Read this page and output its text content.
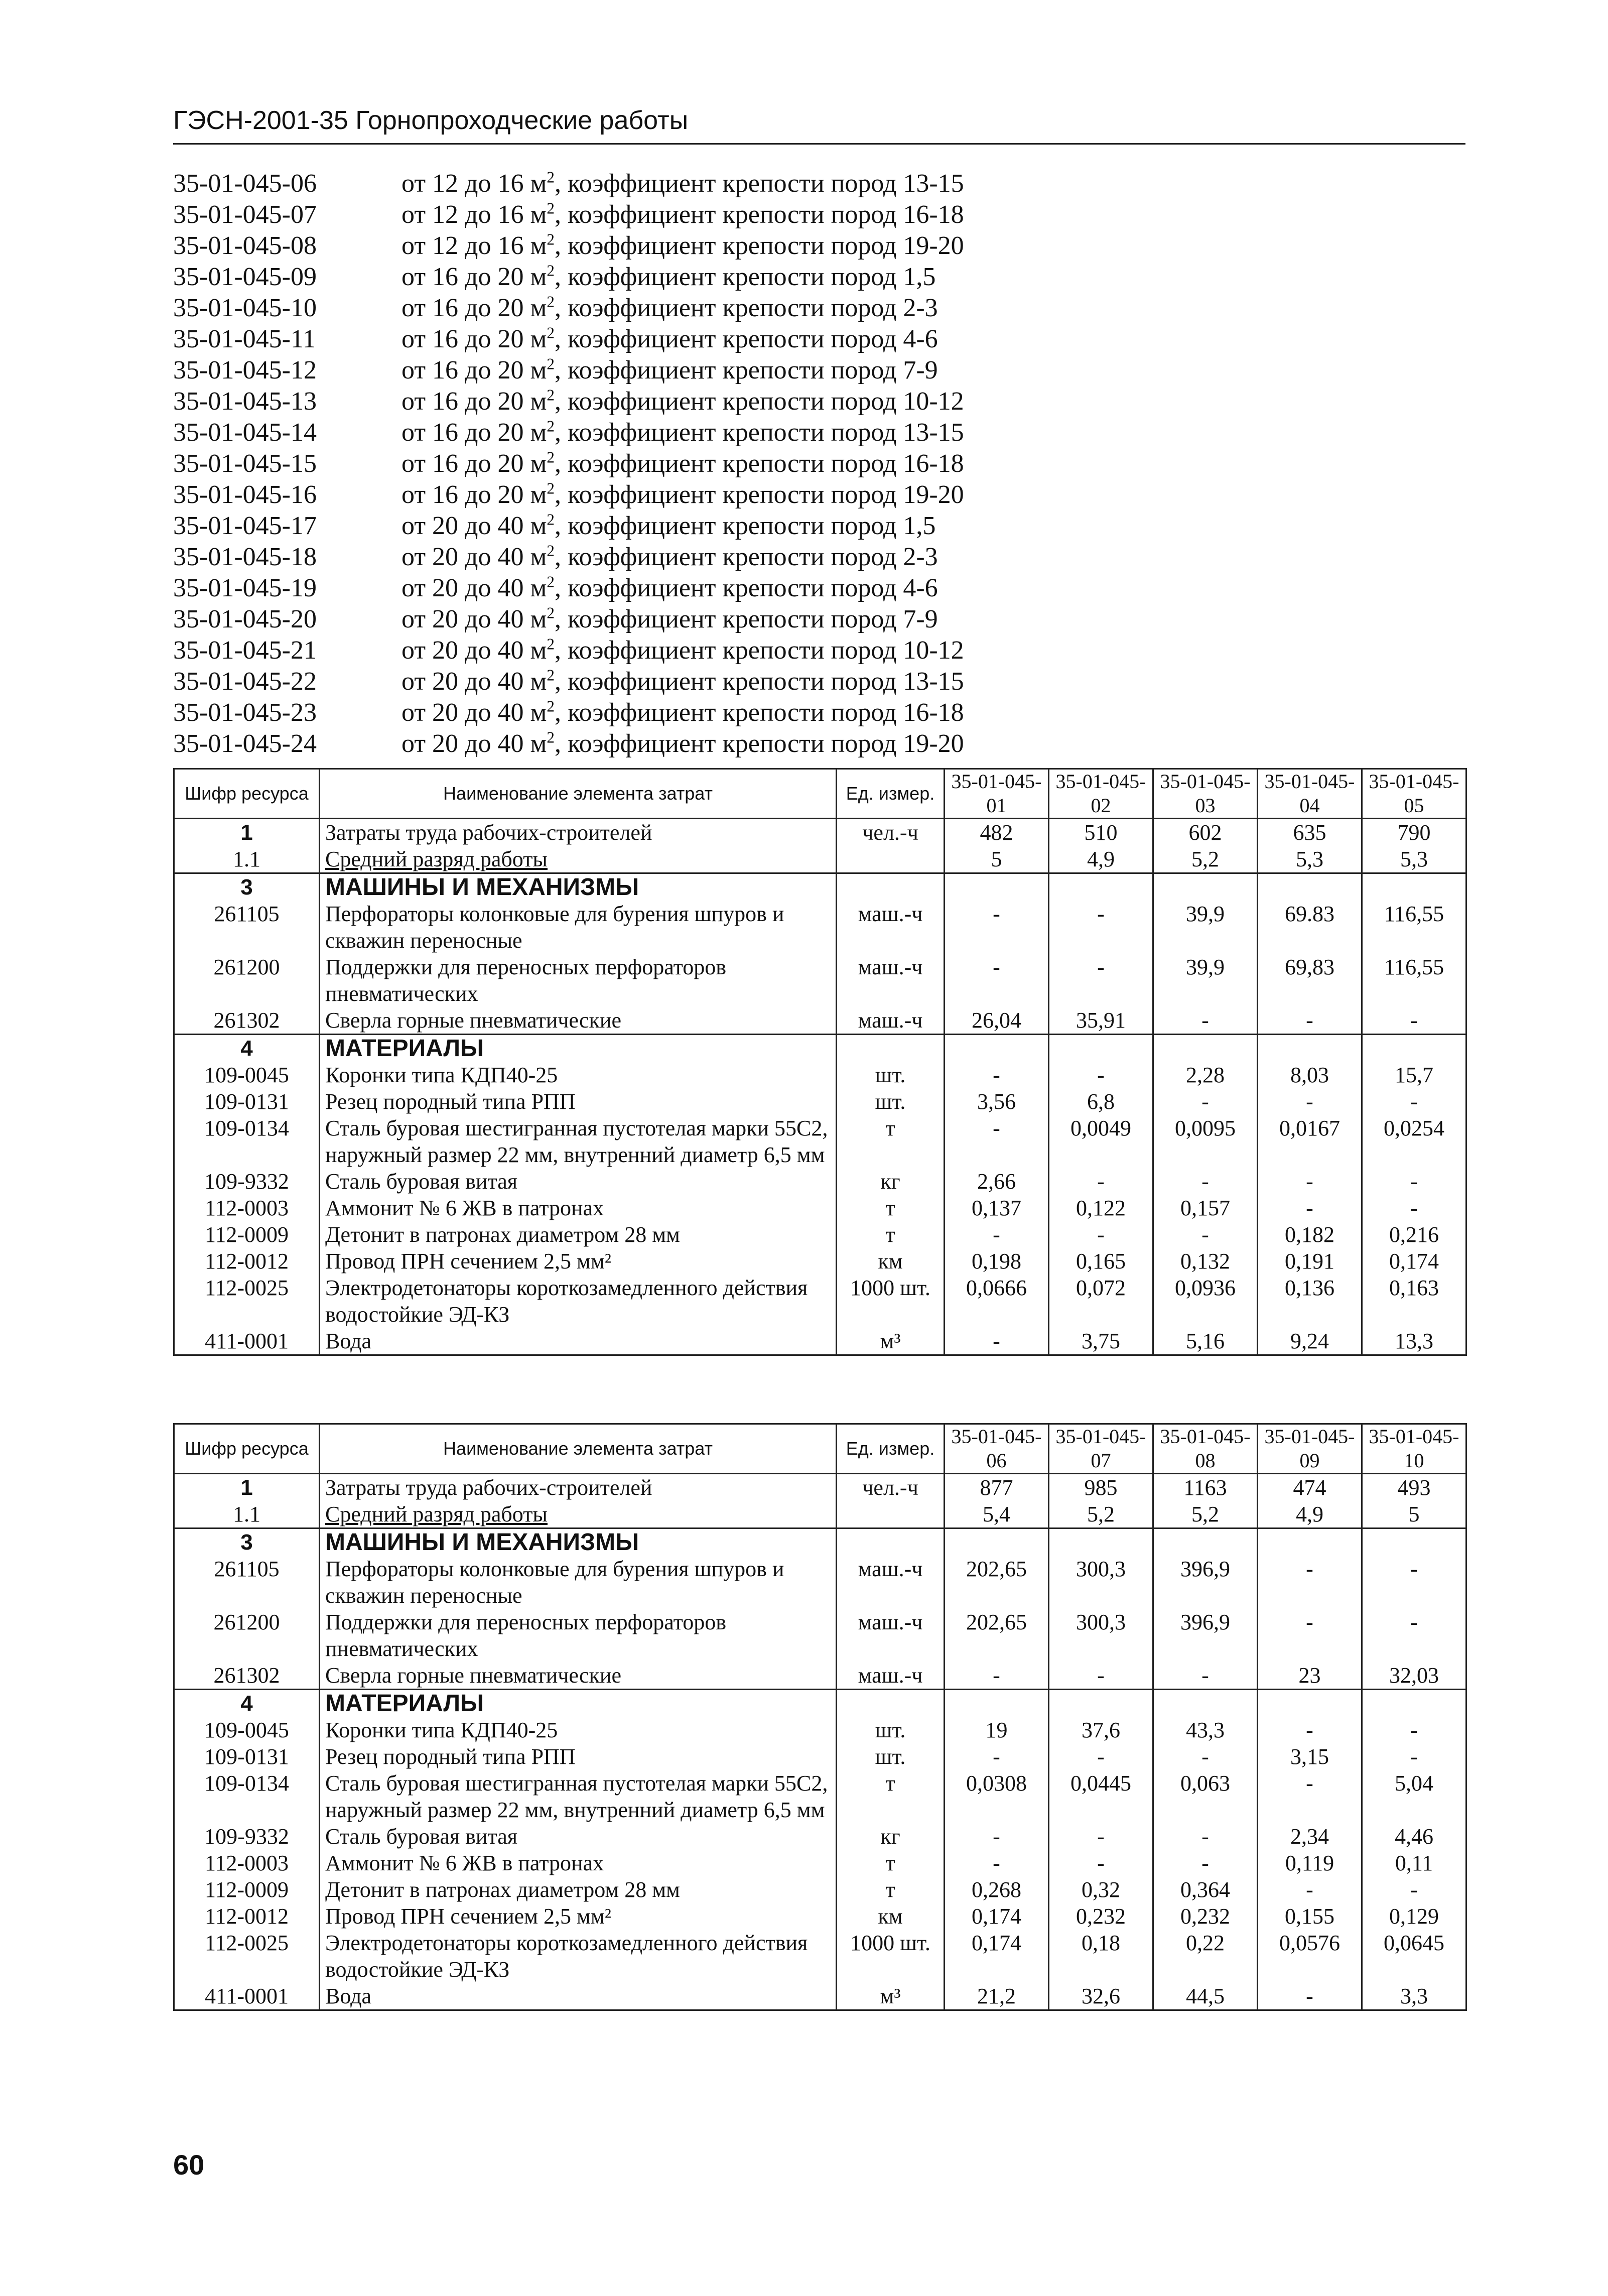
ГЭСН-2001-35 Горнопроходческие работы
35-01-045-06	от 12 до 16 $м^2$, коэффициент крепости пород 13-15
35-01-045-07	от 12 до 16 $м^2$, коэффициент крепости пород 16-18
35-01-045-08	от 12 до 16 $м^2$, коэффициент крепости пород 19-20
35-01-045-09	от 16 до 20 $м^2$, коэффициент крепости пород 1,5
35-01-045-10	от 16 до 20 $м^2$, коэффициент крепости пород 2-3
35-01-045-11	от 16 до 20 $м^2$, коэффициент крепости пород 4-6
35-01-045-12	от 16 до 20 $м^2$, коэффициент крепости пород 7-9
35-01-045-13	от 16 до 20 $м^2$, коэффициент крепости пород 10-12
35-01-045-14	от 16 до 20 $м^2$, коэффициент крепости пород 13-15
35-01-045-15	от 16 до 20 $м^2$, коэффициент крепости пород 16-18
35-01-045-16	от 16 до 20 $м^2$, коэффициент крепости пород 19-20
35-01-045-17	от 20 до 40 $м^2$, коэффициент крепости пород 1,5
35-01-045-18	от 20 до 40 $м^2$, коэффициент крепости пород 2-3
35-01-045-19	от 20 до 40 $м^2$, коэффициент крепости пород 4-6
35-01-045-20	от 20 до 40 $м^2$, коэффициент крепости пород 7-9
35-01-045-21	от 20 до 40 $м^2$, коэффициент крепости пород 10-12
35-01-045-22	от 20 до 40 $м^2$, коэффициент крепости пород 13-15
35-01-045-23	от 20 до 40 $м^2$, коэффициент крепости пород 16-18
35-01-045-24	от 20 до 40 $м^2$, коэффициент крепости пород 19-20
Шифр ресурса	Наименование элемента затрат	Ед. измер.	35-01-045-01	35-01-045-02	35-01-045-03	35-01-045-04	35-01-045-05
1	Затраты труда рабочих-строителей	чел.-ч	482	510	602	635	790
1.1	Средний разряд работы		5	4,9	5,2	5,3	5,3
3	МАШИНЫ И МЕХАНИЗМЫ						
261105	Перфораторы колонковые для бурения шпуров и скважин переносные	маш.-ч	-	-	39,9	69.83	116,55
261200	Поддержки для переносных перфораторов пневматических	маш.-ч	-	-	39,9	69,83	116,55
261302	Сверла горные пневматические	маш.-ч	26,04	35,91	-	-	-
4	МАТЕРИАЛЫ						
109-0045	Коронки типа КДП40-25	шт.	-	-	2,28	8,03	15,7
109-0131	Резец породный типа РПП	шт.	3,56	6,8	-	-	-
109-0134	Сталь буровая шестигранная пустотелая марки 55С2, наружный размер 22 мм, внутренний диаметр 6,5 мм	т	-	0,0049	0,0095	0,0167	0,0254
109-9332	Сталь буровая витая	кг	2,66	-	-	-	-
112-0003	Аммонит № 6 ЖВ в патронах	т	0,137	0,122	0,157	-	-
112-0009	Детонит в патронах диаметром 28 мм	т	-	-	-	0,182	0,216
112-0012	Провод ПРН сечением 2,5 мм²	км	0,198	0,165	0,132	0,191	0,174
112-0025	Электродетонаторы короткозамедленного действия водостойкие ЭД-КЗ	1000 шт.	0,0666	0,072	0,0936	0,136	0,163
411-0001	Вода	м³	-	3,75	5,16	9,24	13,3
Шифр ресурса	Наименование элемента затрат	Ед. измер.	35-01-045-06	35-01-045-07	35-01-045-08	35-01-045-09	35-01-045-10
1	Затраты труда рабочих-строителей	чел.-ч	877	985	1163	474	493
1.1	Средний разряд работы		5,4	5,2	5,2	4,9	5
3	МАШИНЫ И МЕХАНИЗМЫ						
261105	Перфораторы колонковые для бурения шпуров и скважин переносные	маш.-ч	202,65	300,3	396,9	-	-
261200	Поддержки для переносных перфораторов пневматических	маш.-ч	202,65	300,3	396,9	-	-
261302	Сверла горные пневматические	маш.-ч	-	-	-	23	32,03
4	МАТЕРИАЛЫ						
109-0045	Коронки типа КДП40-25	шт.	19	37,6	43,3	-	-
109-0131	Резец породный типа РПП	шт.	-	-	-	3,15	-
109-0134	Сталь буровая шестигранная пустотелая марки 55С2, наружный размер 22 мм, внутренний диаметр 6,5 мм	т	0,0308	0,0445	0,063	-	5,04
109-9332	Сталь буровая витая	кг	-	-	-	2,34	4,46
112-0003	Аммонит № 6 ЖВ в патронах	т	-	-	-	0,119	0,11
112-0009	Детонит в патронах диаметром 28 мм	т	0,268	0,32	0,364	-	-
112-0012	Провод ПРН сечением 2,5 мм²	км	0,174	0,232	0,232	0,155	0,129
112-0025	Электродетонаторы короткозамедленного действия водостойкие ЭД-КЗ	1000 шт.	0,174	0,18	0,22	0,0576	0,0645
411-0001	Вода	м³	21,2	32,6	44,5	-	3,3
60
